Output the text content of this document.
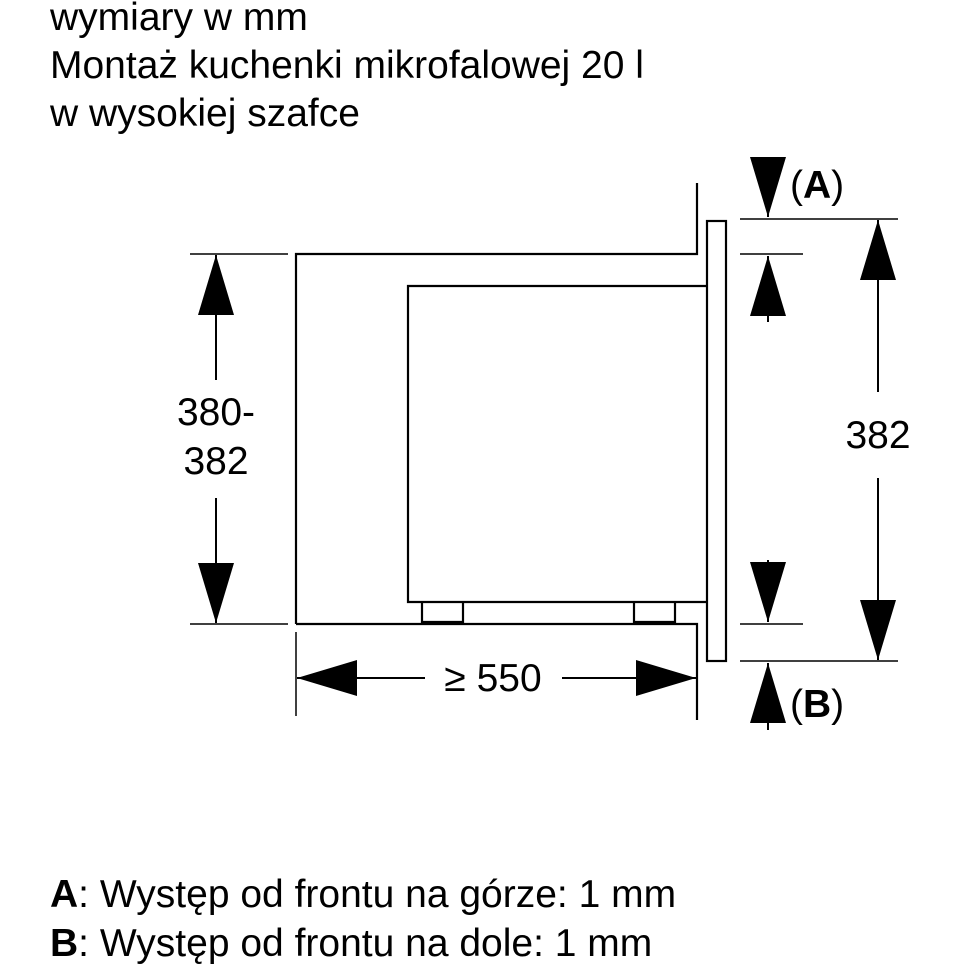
wymiary w mm
Montaż kuchenki mikrofalowej 20 l
w wysokiej szafce
380-
382
≥ 550
(A)
(B)
382
A: Występ od frontu na górze: 1 mm
B: Występ od frontu na dole: 1 mm
